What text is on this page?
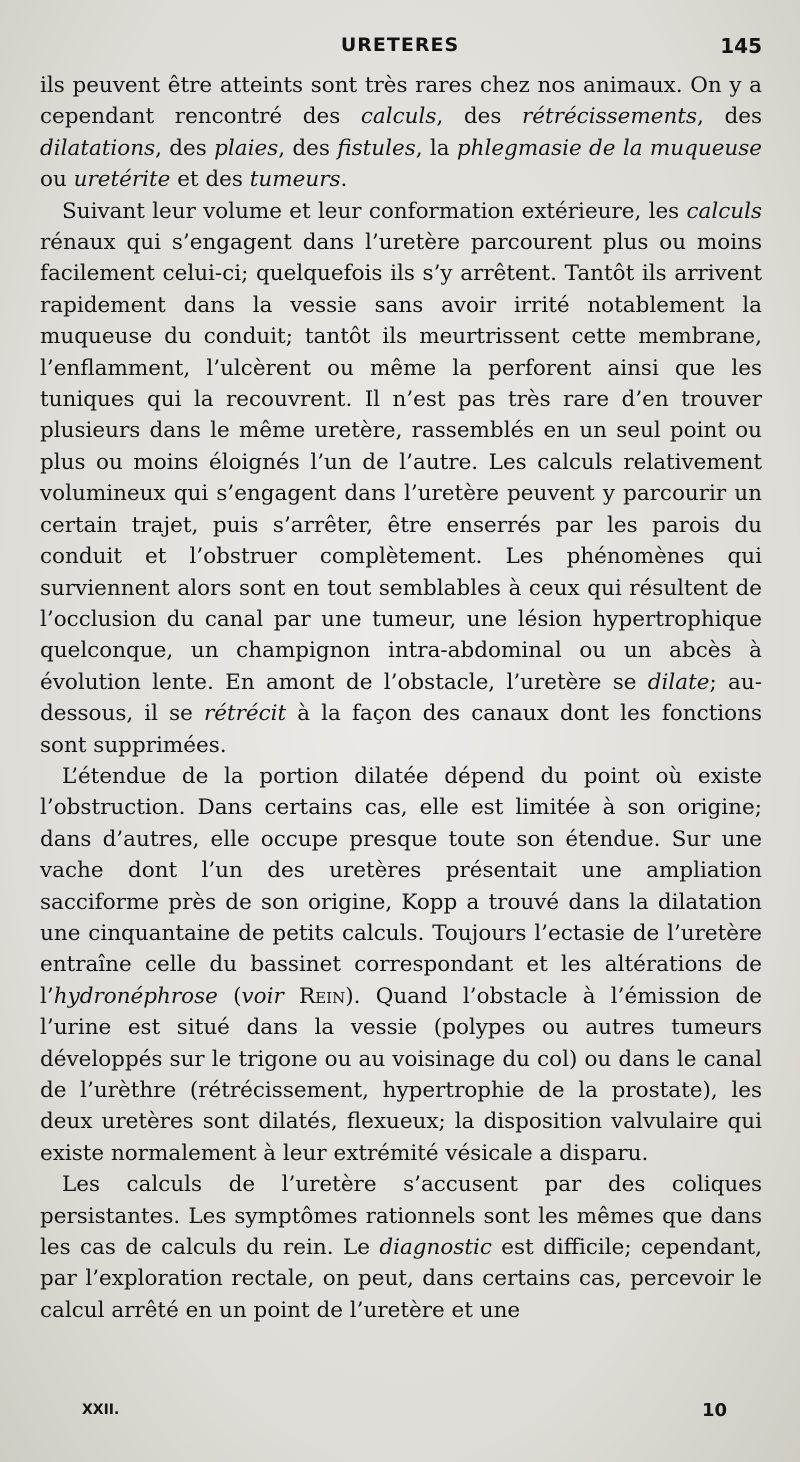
URETERES	145

ils peuvent être atteints sont très rares chez nos animaux. On y a cependant rencontré des calculs, des rétrécissements, des dilatations, des plaies, des fistules, la phlegmasie de la muqueuse ou uretérite et des tumeurs.

Suivant leur volume et leur conformation extérieure, les calculs rénaux qui s’engagent dans l’uretère parcourent plus ou moins facilement celui-ci; quelquefois ils s’y arrêtent. Tantôt ils arrivent rapidement dans la vessie sans avoir irrité notablement la muqueuse du conduit; tantôt ils meurtrissent cette membrane, l’enflamment, l’ulcèrent ou même la perforent ainsi que les tuniques qui la recouvrent. Il n’est pas très rare d’en trouver plusieurs dans le même uretère, rassemblés en un seul point ou plus ou moins éloignés l’un de l’autre. Les calculs relativement volumineux qui s’engagent dans l’uretère peuvent y parcourir un certain trajet, puis s’arrêter, être enserrés par les parois du conduit et l’obstruer complètement. Les phénomènes qui surviennent alors sont en tout semblables à ceux qui résultent de l’occlusion du canal par une tumeur, une lésion hypertrophique quelconque, un champignon intra-abdominal ou un abcès à évolution lente. En amont de l’obstacle, l’uretère se dilate; au-dessous, il se rétrécit à la façon des canaux dont les fonctions sont supprimées.

L’étendue de la portion dilatée dépend du point où existe l’obstruction. Dans certains cas, elle est limitée à son origine; dans d’autres, elle occupe presque toute son étendue. Sur une vache dont l’un des uretères présentait une ampliation sacciforme près de son origine, Kopp a trouvé dans la dilatation une cinquantaine de petits calculs. Toujours l’ectasie de l’uretère entraîne celle du bassinet correspondant et les altérations de l’hydronéphrose (voir Rein). Quand l’obstacle à l’émission de l’urine est situé dans la vessie (polypes ou autres tumeurs développés sur le trigone ou au voisinage du col) ou dans le canal de l’urèthre (rétrécissement, hypertrophie de la prostate), les deux uretères sont dilatés, flexueux; la disposition valvulaire qui existe normalement à leur extrémité vésicale a disparu.

Les calculs de l’uretère s’accusent par des coliques persistantes. Les symptômes rationnels sont les mêmes que dans les cas de calculs du rein. Le diagnostic est difficile; cependant, par l’exploration rectale, on peut, dans certains cas, percevoir le calcul arrêté en un point de l’uretère et une

XXII.	10
